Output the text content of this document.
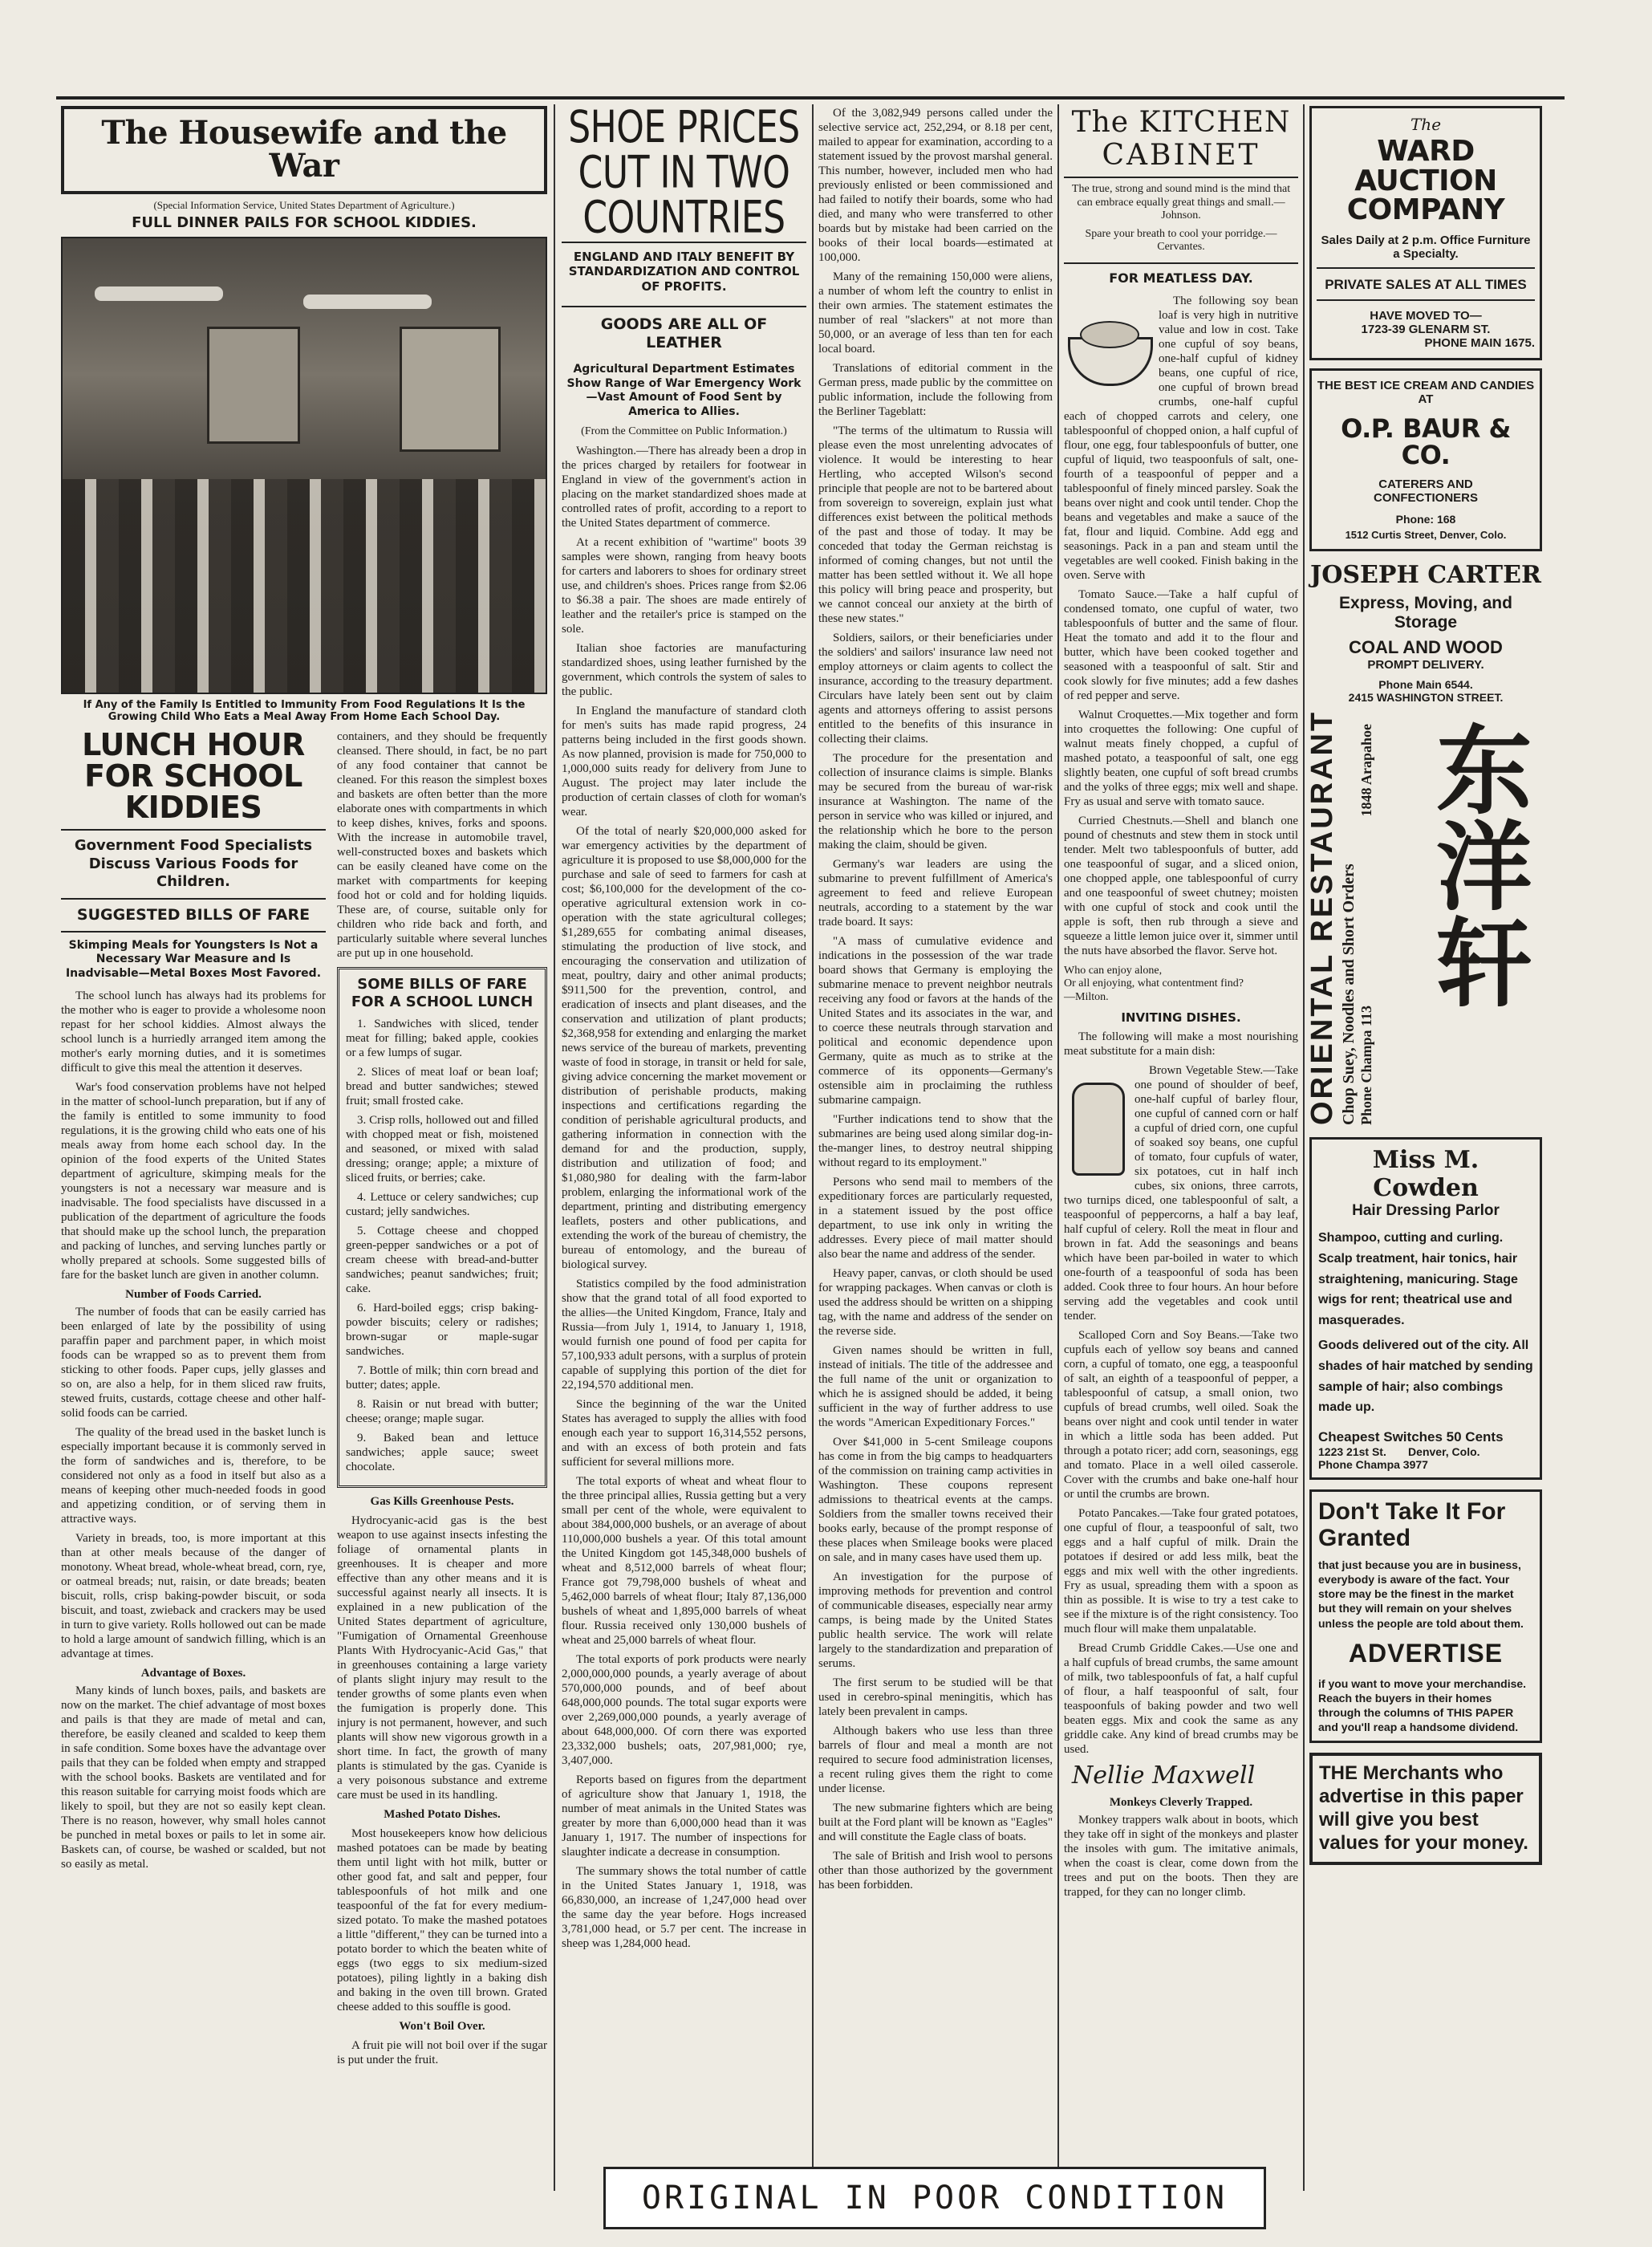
The Housewife and the War
(Special Information Service, United States Department of Agriculture.)
FULL DINNER PAILS FOR SCHOOL KIDDIES.
If Any of the Family Is Entitled to Immunity From Food Regulations It Is the Growing Child Who Eats a Meal Away From Home Each School Day.
LUNCH HOUR FOR SCHOOL KIDDIES
Government Food Specialists Discuss Various Foods for Children.
SUGGESTED BILLS OF FARE
Skimping Meals for Youngsters Is Not a Necessary War Measure and Is Inadvisable—Metal Boxes Most Favored.

The school lunch has always had its problems for the mother who is eager to provide a wholesome noon repast for her school kiddies. Almost always the school lunch is a hurriedly arranged item among the mother's early morning duties, and it is sometimes difficult to give this meal the attention it deserves.

War's food conservation problems have not helped in the matter of school-lunch preparation, but if any of the family is entitled to some immunity to food regulations, it is the growing child who eats one of his meals away from home each school day. In the opinion of the food experts of the United States department of agriculture, skimping meals for the youngsters is not a necessary war measure and is inadvisable. The food specialists have discussed in a publication of the department of agriculture the foods that should make up the school lunch, the preparation and packing of lunches, and serving lunches partly or wholly prepared at schools. Some suggested bills of fare for the basket lunch are given in another column.

Number of Foods Carried.

The number of foods that can be easily carried has been enlarged of late by the possibility of using paraffin paper and parchment paper, in which moist foods can be wrapped so as to prevent them from sticking to other foods. Paper cups, jelly glasses and so on, are also a help, for in them sliced raw fruits, stewed fruits, custards, cottage cheese and other half-solid foods can be carried.

The quality of the bread used in the basket lunch is especially important because it is commonly served in the form of sandwiches and is, therefore, to be considered not only as a food in itself but also as a means of keeping other much-needed foods in good and appetizing condition, or of serving them in attractive ways.

Variety in breads, too, is more important at this than at other meals because of the danger of monotony. Wheat bread, whole-wheat bread, corn, rye, or oatmeal breads; nut, raisin, or date breads; beaten biscuit, rolls, crisp baking-powder biscuit, or soda biscuit, and toast, zwieback and crackers may be used in turn to give variety. Rolls hollowed out can be made to hold a large amount of sandwich filling, which is an advantage at times.

Advantage of Boxes.

Many kinds of lunch boxes, pails, and baskets are now on the market. The chief advantage of most boxes and pails is that they are made of metal and can, therefore, be easily cleaned and scalded to keep them in safe condition. Some boxes have the advantage over pails that they can be folded when empty and strapped with the school books. Baskets are ventilated and for this reason suitable for carrying moist foods which are likely to spoil, but they are not so easily kept clean. There is no reason, however, why small holes cannot be punched in metal boxes or pails to let in some air. Baskets can, of course, be washed or scalded, but not so easily as metal.

containers, and they should be frequently cleansed. There should, in fact, be no part of any food container that cannot be cleaned. For this reason the simplest boxes and baskets are often better than the more elaborate ones with compartments in which to keep dishes, knives, forks and spoons. With the increase in automobile travel, well-constructed boxes and baskets which can be easily cleaned have come on the market with compartments for keeping food hot or cold and for holding liquids. These are, of course, suitable only for children who ride back and forth, and particularly suitable where several lunches are put up in one household.

SOME BILLS OF FARE FOR A SCHOOL LUNCH
1. Sandwiches with sliced, tender meat for filling; baked apple, cookies or a few lumps of sugar.
2. Slices of meat loaf or bean loaf; bread and butter sandwiches; stewed fruit; small frosted cake.
3. Crisp rolls, hollowed out and filled with chopped meat or fish, moistened and seasoned, or mixed with salad dressing; orange; apple; a mixture of sliced fruits, or berries; cake.
4. Lettuce or celery sandwiches; cup custard; jelly sandwiches.
5. Cottage cheese and chopped green-pepper sandwiches or a pot of cream cheese with bread-and-butter sandwiches; peanut sandwiches; fruit; cake.
6. Hard-boiled eggs; crisp baking-powder biscuits; celery or radishes; brown-sugar or maple-sugar sandwiches.
7. Bottle of milk; thin corn bread and butter; dates; apple.
8. Raisin or nut bread with butter; cheese; orange; maple sugar.
9. Baked bean and lettuce sandwiches; apple sauce; sweet chocolate.
Gas Kills Greenhouse Pests.

Hydrocyanic-acid gas is the best weapon to use against insects infesting the foliage of ornamental plants in greenhouses. It is cheaper and more effective than any other means and it is successful against nearly all insects. It is explained in a new publication of the United States department of agriculture, "Fumigation of Ornamental Greenhouse Plants With Hydrocyanic-Acid Gas," that in greenhouses containing a large variety of plants slight injury may result to the tender growths of some plants even when the fumigation is properly done. This injury is not permanent, however, and such plants will show new vigorous growth in a short time. In fact, the growth of many plants is stimulated by the gas. Cyanide is a very poisonous substance and extreme care must be used in its handling.

Mashed Potato Dishes.

Most housekeepers know how delicious mashed potatoes can be made by beating them until light with hot milk, butter or other good fat, and salt and pepper, four tablespoonfuls of hot milk and one teaspoonful of the fat for every medium-sized potato. To make the mashed potatoes a little "different," they can be turned into a potato border to which the beaten white of eggs (two eggs to six medium-sized potatoes), piling lightly in a baking dish and baking in the oven till brown. Grated cheese added to this souffle is good.

Won't Boil Over.

A fruit pie will not boil over if the sugar is put under the fruit.

SHOE PRICES CUT IN TWO COUNTRIES
ENGLAND AND ITALY BENEFIT BY STANDARDIZATION AND CONTROL OF PROFITS.
GOODS ARE ALL OF LEATHER
Agricultural Department Estimates Show Range of War Emergency Work—Vast Amount of Food Sent by America to Allies.
(From the Committee on Public Information.)

Washington.—There has already been a drop in the prices charged by retailers for footwear in England in view of the government's action in placing on the market standardized shoes made at controlled rates of profit, according to a report to the United States department of commerce.

At a recent exhibition of "wartime" boots 39 samples were shown, ranging from heavy boots for carters and laborers to shoes for ordinary street use, and children's shoes. Prices range from $2.06 to $6.38 a pair. The shoes are made entirely of leather and the retailer's price is stamped on the sole.

Italian shoe factories are manufacturing standardized shoes, using leather furnished by the government, which controls the system of sales to the public.

In England the manufacture of standard cloth for men's suits has made rapid progress, 24 patterns being included in the first goods shown. As now planned, provision is made for 750,000 to 1,000,000 suits ready for delivery from June to August. The project may later include the production of certain classes of cloth for woman's wear.

Of the total of nearly $20,000,000 asked for war emergency activities by the department of agriculture it is proposed to use $8,000,000 for the purchase and sale of seed to farmers for cash at cost; $6,100,000 for the development of the co-operative agricultural extension work in co-operation with the state agricultural colleges; $1,289,655 for combating animal diseases, stimulating the production of live stock, and encouraging the conservation and utilization of meat, poultry, dairy and other animal products; $911,500 for the prevention, control, and eradication of insects and plant diseases, and the conservation and utilization of plant products; $2,368,958 for extending and enlarging the market news service of the bureau of markets, preventing waste of food in storage, in transit or held for sale, giving advice concerning the market movement or distribution of perishable products, making inspections and certifications regarding the condition of perishable agricultural products, and gathering information in connection with the demand for and the production, supply, distribution and utilization of food; and $1,080,980 for dealing with the farm-labor problem, enlarging the informational work of the department, printing and distributing emergency leaflets, posters and other publications, and extending the work of the bureau of chemistry, the bureau of entomology, and the bureau of biological survey.

Statistics compiled by the food administration show that the grand total of all food exported to the allies—the United Kingdom, France, Italy and Russia—from July 1, 1914, to January 1, 1918, would furnish one pound of food per capita for 57,100,933 adult persons, with a surplus of protein capable of supplying this portion of the diet for 22,194,570 additional men.

Since the beginning of the war the United States has averaged to supply the allies with food enough each year to support 16,314,552 persons, and with an excess of both protein and fats sufficient for several millions more.

The total exports of wheat and wheat flour to the three principal allies, Russia getting but a very small per cent of the whole, were equivalent to about 384,000,000 bushels, or an average of about 110,000,000 bushels a year. Of this total amount the United Kingdom got 145,348,000 bushels of wheat and 8,512,000 barrels of wheat flour; France got 79,798,000 bushels of wheat and 5,462,000 barrels of wheat flour; Italy 87,136,000 bushels of wheat and 1,895,000 barrels of wheat flour. Russia received only 130,000 bushels of wheat and 25,000 barrels of wheat flour.

The total exports of pork products were nearly 2,000,000,000 pounds, a yearly average of about 570,000,000 pounds, and of beef about 648,000,000 pounds. The total sugar exports were over 2,269,000,000 pounds, a yearly average of about 648,000,000. Of corn there was exported 23,332,000 bushels; oats, 207,981,000; rye, 3,407,000.

Reports based on figures from the department of agriculture show that January 1, 1918, the number of meat animals in the United States was greater by more than 6,000,000 head than it was January 1, 1917. The number of inspections for slaughter indicate a decrease in consumption.

The summary shows the total number of cattle in the United States January 1, 1918, was 66,830,000, an increase of 1,247,000 head over the same day the year before. Hogs increased 3,781,000 head, or 5.7 per cent. The increase in sheep was 1,284,000 head.

Of the 3,082,949 persons called under the selective service act, 252,294, or 8.18 per cent, mailed to appear for examination, according to a statement issued by the provost marshal general. This number, however, included men who had previously enlisted or been commissioned and had failed to notify their boards, some who had died, and many who were transferred to other boards but by mistake had been carried on the books of their local boards—estimated at 100,000.

Many of the remaining 150,000 were aliens, a number of whom left the country to enlist in their own armies. The statement estimates the number of real "slackers" at not more than 50,000, or an average of less than ten for each local board.

Translations of editorial comment in the German press, made public by the committee on public information, include the following from the Berliner Tageblatt:

"The terms of the ultimatum to Russia will please even the most unrelenting advocates of violence. It would be interesting to hear Hertling, who accepted Wilson's second principle that people are not to be bartered about from sovereign to sovereign, explain just what differences exist between the political methods of the past and those of today. It may be conceded that today the German reichstag is informed of coming changes, but not until the matter has been settled without it. We all hope this policy will bring peace and prosperity, but we cannot conceal our anxiety at the birth of these new states."

Soldiers, sailors, or their beneficiaries under the soldiers' and sailors' insurance law need not employ attorneys or claim agents to collect the insurance, according to the treasury department. Circulars have lately been sent out by claim agents and attorneys offering to assist persons entitled to the benefits of this insurance in collecting their claims.

The procedure for the presentation and collection of insurance claims is simple. Blanks may be secured from the bureau of war-risk insurance at Washington. The name of the person in service who was killed or injured, and the relationship which he bore to the person making the claim, should be given.

Germany's war leaders are using the submarine to prevent fulfillment of America's agreement to feed and relieve European neutrals, according to a statement by the war trade board. It says:

"A mass of cumulative evidence and indications in the possession of the war trade board shows that Germany is employing the submarine menace to prevent neighbor neutrals receiving any food or favors at the hands of the United States and its associates in the war, and to coerce these neutrals through starvation and political and economic dependence upon Germany, quite as much as to strike at the commerce of its opponents—Germany's ostensible aim in proclaiming the ruthless submarine campaign.

"Further indications tend to show that the submarines are being used along similar dog-in-the-manger lines, to destroy neutral shipping without regard to its employment."

Persons who send mail to members of the expeditionary forces are particularly requested, in a statement issued by the post office department, to use ink only in writing the addresses. Every piece of mail matter should also bear the name and address of the sender.

Heavy paper, canvas, or cloth should be used for wrapping packages. When canvas or cloth is used the address should be written on a shipping tag, with the name and address of the sender on the reverse side.

Given names should be written in full, instead of initials. The title of the addressee and the full name of the unit or organization to which he is assigned should be added, it being sufficient in the way of further address to use the words "American Expeditionary Forces."

Over $41,000 in 5-cent Smileage coupons has come in from the big camps to headquarters of the commission on training camp activities in Washington. These coupons represent admissions to theatrical events at the camps. Soldiers from the smaller towns received their books early, because of the prompt response of these places when Smileage books were placed on sale, and in many cases have used them up.

An investigation for the purpose of improving methods for prevention and control of communicable diseases, especially near army camps, is being made by the United States public health service. The work will relate largely to the standardization and preparation of serums.

The first serum to be studied will be that used in cerebro-spinal meningitis, which has lately been prevalent in camps.

Although bakers who use less than three barrels of flour and meal a month are not required to secure food administration licenses, a recent ruling gives them the right to come under license.

The new submarine fighters which are being built at the Ford plant will be known as "Eagles" and will constitute the Eagle class of boats.

The sale of British and Irish wool to persons other than those authorized by the government has been forbidden.

The KITCHEN
CABINET
The true, strong and sound mind is the mind that can embrace equally great things and small.—Johnson.
Spare your breath to cool your porridge.—Cervantes.
FOR MEATLESS DAY.

The following soy bean loaf is very high in nutritive value and low in cost. Take one cupful of soy beans, one-half cupful of kidney beans, one cupful of rice, one cupful of brown bread crumbs, one-half cupful each of chopped carrots and celery, one tablespoonful of chopped onion, a half cupful of flour, one egg, four tablespoonfuls of butter, one cupful of liquid, two teaspoonfuls of salt, one-fourth of a teaspoonful of pepper and a tablespoonful of finely minced parsley. Soak the beans over night and cook until tender. Chop the beans and vegetables and make a sauce of the fat, flour and liquid. Combine. Add egg and seasonings. Pack in a pan and steam until the vegetables are well cooked. Finish baking in the oven. Serve with

Tomato Sauce.—Take a half cupful of condensed tomato, one cupful of water, two tablespoonfuls of butter and the same of flour. Heat the tomato and add it to the flour and butter, which have been cooked together and seasoned with a teaspoonful of salt. Stir and cook slowly for five minutes; add a few dashes of red pepper and serve.

Walnut Croquettes.—Mix together and form into croquettes the following: One cupful of walnut meats finely chopped, a cupful of mashed potato, a teaspoonful of salt, one egg slightly beaten, one cupful of soft bread crumbs and the yolks of three eggs; mix well and shape. Fry as usual and serve with tomato sauce.

Curried Chestnuts.—Shell and blanch one pound of chestnuts and stew them in stock until tender. Melt two tablespoonfuls of butter, add one teaspoonful of sugar, and a sliced onion, one chopped apple, one tablespoonful of curry and one teaspoonful of sweet chutney; moisten with one cupful of stock and cook until the apple is soft, then rub through a sieve and squeeze a little lemon juice over it, simmer until the nuts have absorbed the flavor. Serve hot.

Who can enjoy alone,
Or all enjoying, what contentment find?
—Milton.
INVITING DISHES.

The following will make a most nourishing meat substitute for a main dish:

Brown Vegetable Stew.—Take one pound of shoulder of beef, one-half cupful of barley flour, one cupful of canned corn or half a cupful of dried corn, one cupful of soaked soy beans, one cupful of tomato, four cupfuls of water, six potatoes, cut in half inch cubes, six onions, three carrots, two turnips diced, one tablespoonful of salt, a teaspoonful of peppercorns, a half a bay leaf, half cupful of celery. Roll the meat in flour and brown in fat. Add the seasonings and beans which have been par-boiled in water to which one-fourth of a teaspoonful of soda has been added. Cook three to four hours. An hour before serving add the vegetables and cook until tender.

Scalloped Corn and Soy Beans.—Take two cupfuls each of yellow soy beans and canned corn, a cupful of tomato, one egg, a teaspoonful of salt, an eighth of a teaspoonful of pepper, a tablespoonful of catsup, a small onion, two cupfuls of bread crumbs, well oiled. Soak the beans over night and cook until tender in water in which a little soda has been added. Put through a potato ricer; add corn, seasonings, egg and tomato. Place in a well oiled casserole. Cover with the crumbs and bake one-half hour or until the crumbs are brown.

Potato Pancakes.—Take four grated potatoes, one cupful of flour, a teaspoonful of salt, two eggs and a half cupful of milk. Drain the potatoes if desired or add less milk, beat the eggs and mix well with the other ingredients. Fry as usual, spreading them with a spoon as thin as possible. It is wise to try a test cake to see if the mixture is of the right consistency. Too much flour will make them unpalatable.

Bread Crumb Griddle Cakes.—Use one and a half cupfuls of bread crumbs, the same amount of milk, two tablespoonfuls of fat, a half cupful of flour, a half teaspoonful of salt, four teaspoonfuls of baking powder and two well beaten eggs. Mix and cook the same as any griddle cake. Any kind of bread crumbs may be used.

Nellie Maxwell
Monkeys Cleverly Trapped.

Monkey trappers walk about in boots, which they take off in sight of the monkeys and plaster the insoles with gum. The imitative animals, when the coast is clear, come down from the trees and put on the boots. Then they are trapped, for they can no longer climb.

The
WARD AUCTION COMPANY
Sales Daily at 2 p.m. Office Furniture a Specialty.
PRIVATE SALES AT ALL TIMES
HAVE MOVED TO—
1723-39 GLENARM ST.
PHONE MAIN 1675.
THE BEST ICE CREAM AND CANDIES AT
O.P. BAUR & CO.
CATERERS AND CONFECTIONERS
Phone: 168
1512 Curtis Street, Denver, Colo.
JOSEPH CARTER
Express, Moving, and Storage
COAL AND WOOD
PROMPT DELIVERY.
Phone Main 6544.
2415 WASHINGTON STREET.
ORIENTAL RESTAURANT Chop Suey, Noodles and Short Orders Phone Champa 113
1848 Arapahoe 东洋轩
Miss M. Cowden
Hair Dressing Parlor
Shampoo, cutting and curling. Scalp treatment, hair tonics, hair straightening, manicuring. Stage wigs for rent; theatrical use and masquerades.
Goods delivered out of the city. All shades of hair matched by sending sample of hair; also combings made up.
Cheapest Switches 50 Cents
1223 21st St.       Denver, Colo.
Phone Champa 3977
Don't Take It For Granted
that just because you are in business, everybody is aware of the fact. Your store may be the finest in the market but they will remain on your shelves unless the people are told about them.
ADVERTISE
if you want to move your merchandise. Reach the buyers in their homes through the columns of THIS PAPER and you'll reap a handsome dividend.
THE Merchants who advertise in this paper will give you best values for your money.
ORIGINAL IN POOR CONDITION
